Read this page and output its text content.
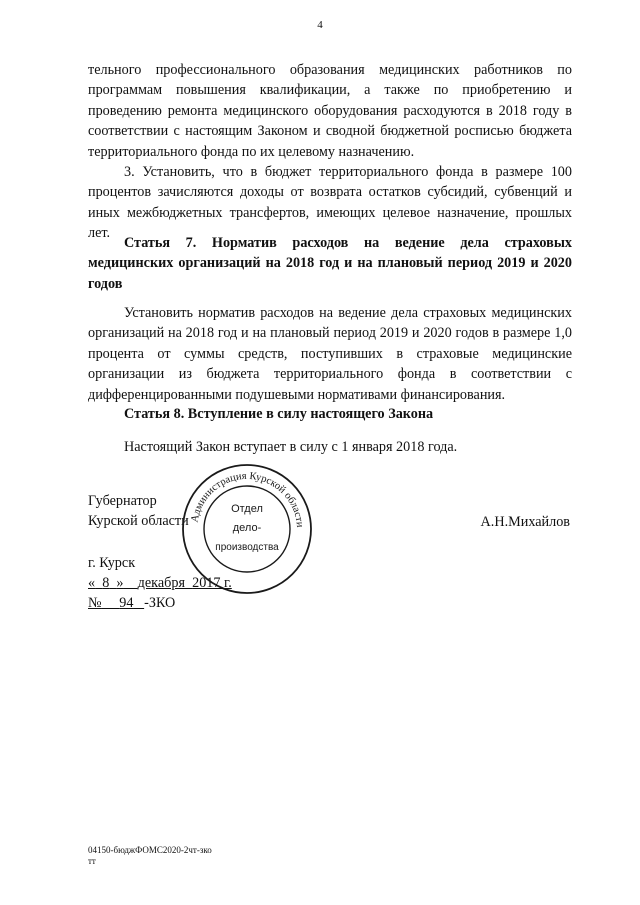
4

тельного профессионального образования медицинских работников по программам повышения квалификации, а также по приобретению и проведению ремонта медицинского оборудования расходуются в 2018 году в соответствии с настоящим Законом и сводной бюджетной росписью бюджета территориального фонда по их целевому назначению.

3. Установить, что в бюджет территориального фонда в размере 100 процентов зачисляются доходы от возврата остатков субсидий, субвенций и иных межбюджетных трансфертов, имеющих целевое назначение, прошлых лет.

Статья 7. Норматив расходов на ведение дела страховых медицинских организаций на 2018 год и на плановый период 2019 и 2020 годов

Установить норматив расходов на ведение дела страховых медицинских организаций на 2018 год и на плановый период 2019 и 2020 годов в размере 1,0 процента от суммы средств, поступивших в страховые медицинские организации из бюджета территориального фонда в соответствии с дифференцированными подушевыми нормативами финансирования.

Статья 8. Вступление в силу настоящего Закона

Настоящий Закон вступает в силу с 1 января 2018 года.

Губернатор
Курской области	А.Н.Михайлов
Администрация Курской области
Отдел
дело-
производства
г. Курск
« 8 » декабря 2017 г.
№ 94 -ЗКО
04150-бюджФОМС2020-2чт-зко
тт
